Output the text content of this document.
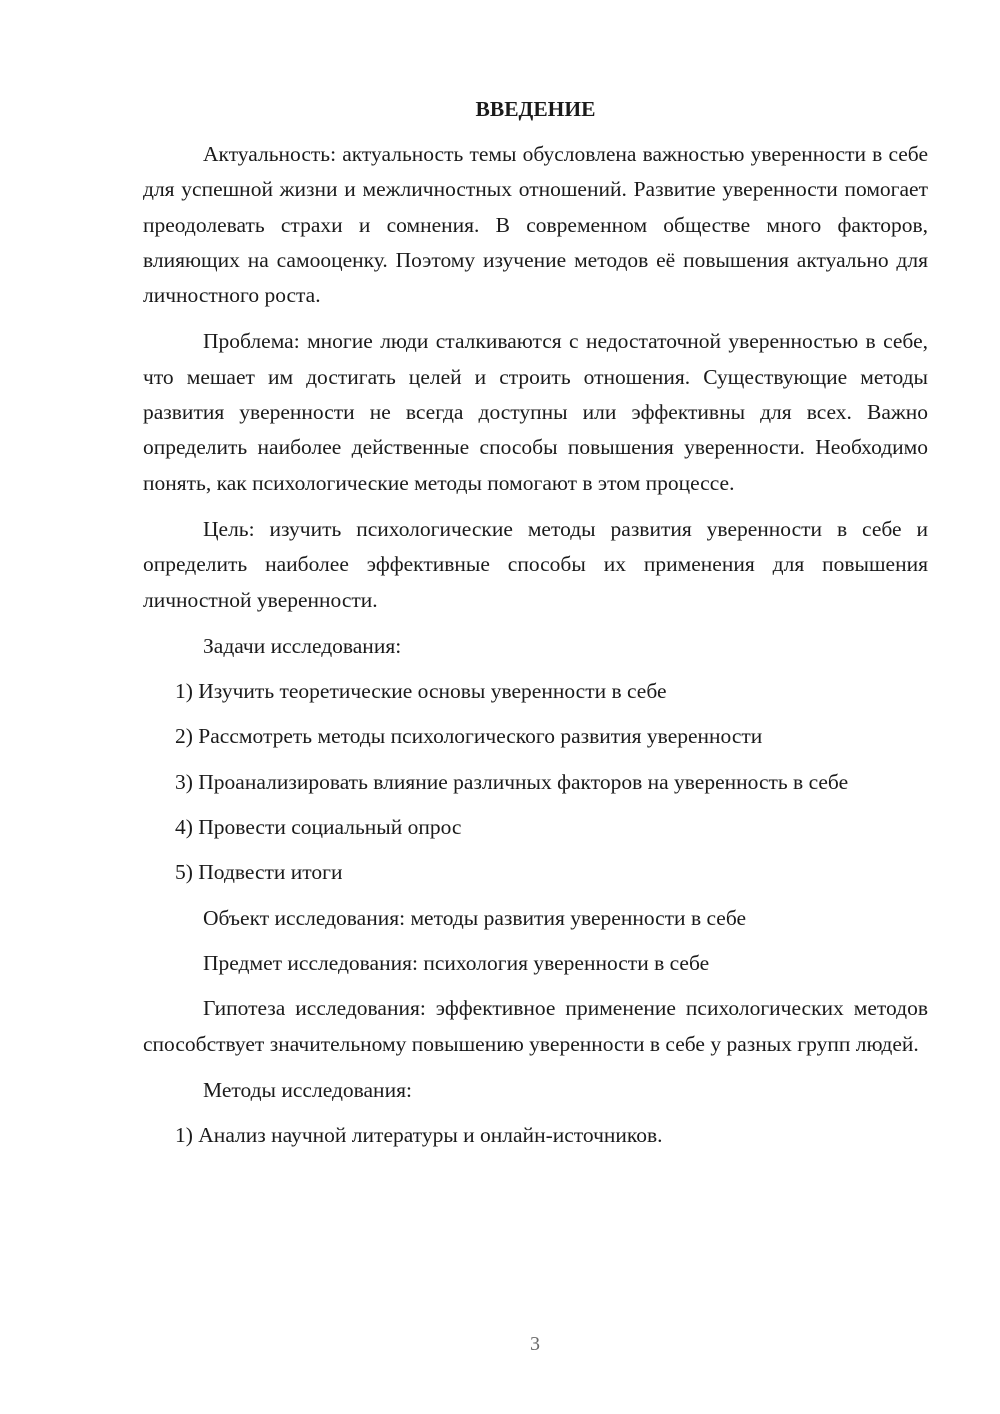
ВВЕДЕНИЕ

Актуальность: актуальность темы обусловлена важностью уверенности в себе для успешной жизни и межличностных отношений. Развитие уверенности помогает преодолевать страхи и сомнения. В современном обществе много факторов, влияющих на самооценку. Поэтому изучение методов её повышения актуально для личностного роста.

Проблема: многие люди сталкиваются с недостаточной уверенностью в себе, что мешает им достигать целей и строить отношения. Существующие методы развития уверенности не всегда доступны или эффективны для всех. Важно определить наиболее действенные способы повышения уверенности. Необходимо понять, как психологические методы помогают в этом процессе.

Цель: изучить психологические методы развития уверенности в себе и определить наиболее эффективные способы их применения для повышения личностной уверенности.

Задачи исследования:

1) Изучить теоретические основы уверенности в себе

2) Рассмотреть методы психологического развития уверенности

3) Проанализировать влияние различных факторов на уверенность в себе

4) Провести социальный опрос

5) Подвести итоги

Объект исследования: методы развития уверенности в себе

Предмет исследования: психология уверенности в себе

Гипотеза исследования: эффективное применение психологических методов способствует значительному повышению уверенности в себе у разных групп людей.

Методы исследования:

1) Анализ научной литературы и онлайн-источников.

3
